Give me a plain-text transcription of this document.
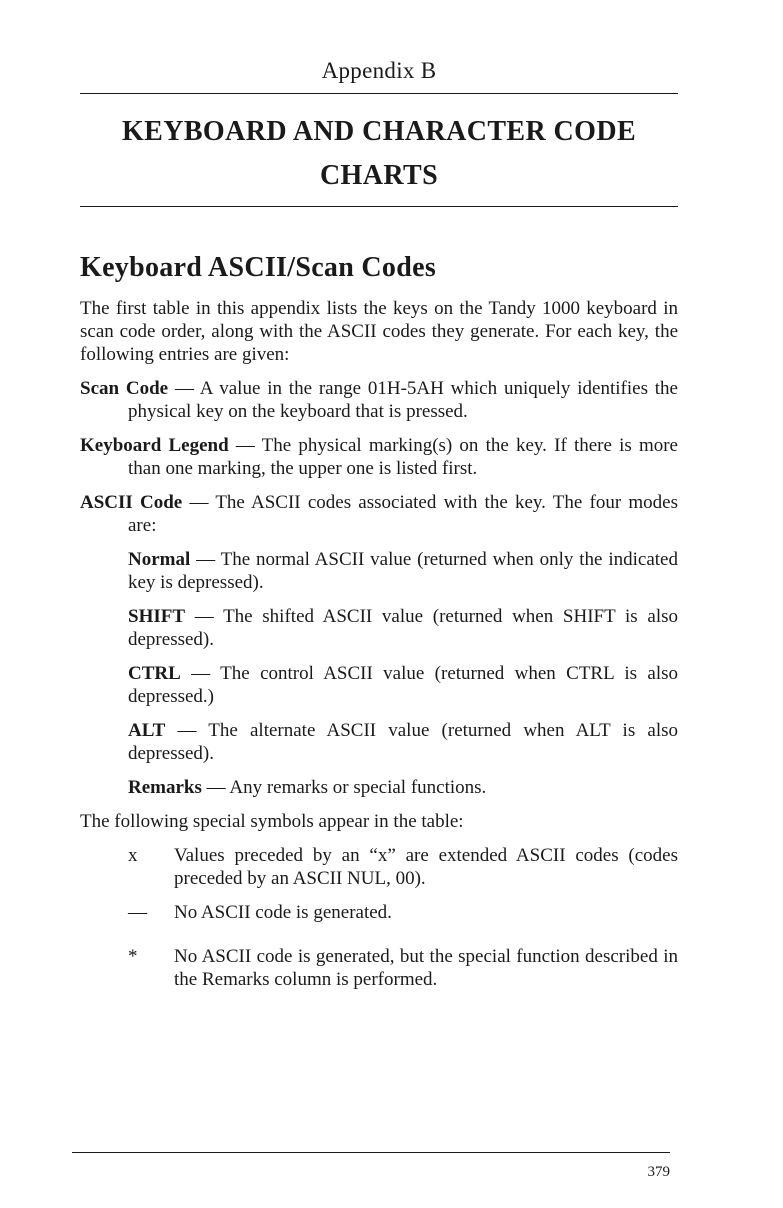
Appendix B
KEYBOARD AND CHARACTER CODE
CHARTS
Keyboard ASCII/Scan Codes

The first table in this appendix lists the keys on the Tandy 1000 keyboard in scan code order, along with the ASCII codes they generate. For each key, the following entries are given:

Scan Code — A value in the range 01H-5AH which uniquely identifies the physical key on the keyboard that is pressed.

Keyboard Legend — The physical marking(s) on the key. If there is more than one marking, the upper one is listed first.

ASCII Code — The ASCII codes associated with the key. The four modes are:

Normal — The normal ASCII value (returned when only the indicated key is depressed).

SHIFT — The shifted ASCII value (returned when SHIFT is also depressed).

CTRL — The control ASCII value (returned when CTRL is also depressed.)

ALT — The alternate ASCII value (returned when ALT is also depressed).

Remarks — Any remarks or special functions.

The following special symbols appear in the table:

x	Values preceded by an “x” are extended ASCII codes (codes preceded by an ASCII NUL, 00).
—	No ASCII code is generated.
*	No ASCII code is generated, but the special function described in the Remarks column is performed.
379
